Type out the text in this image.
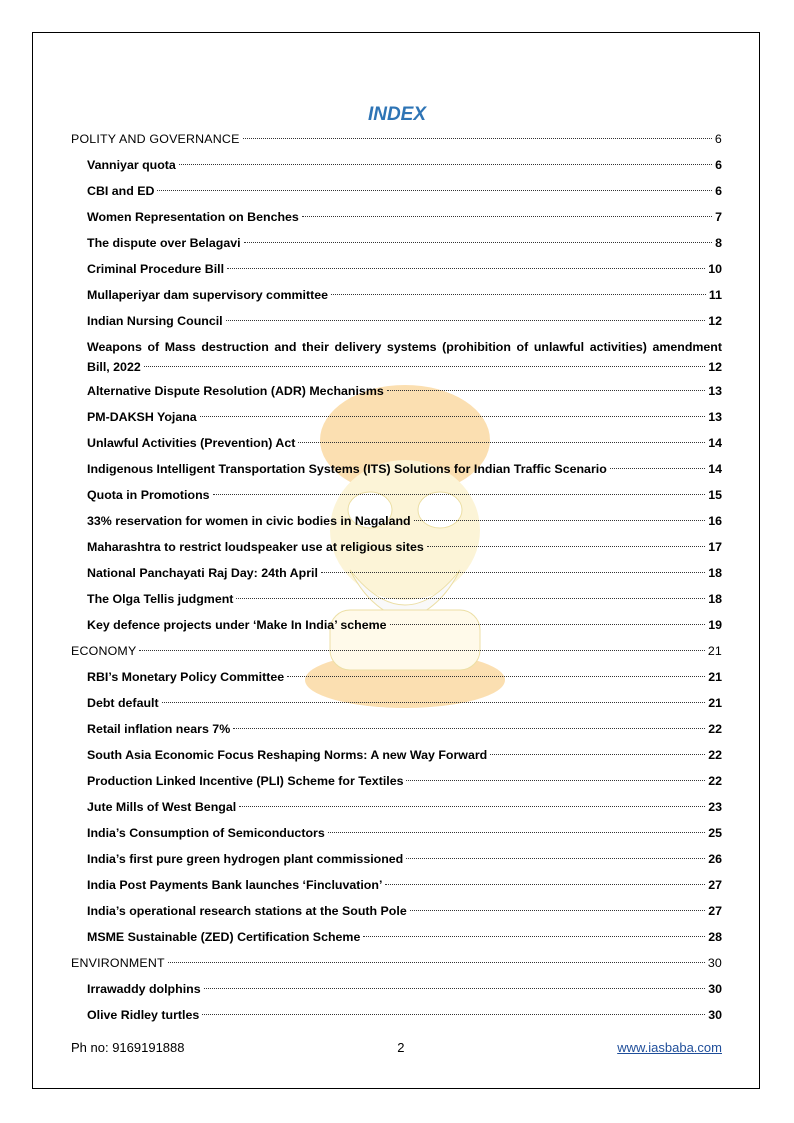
INDEX
POLITY AND GOVERNANCE	6
Vanniyar quota	6
CBI and ED	6
Women Representation on Benches	7
The dispute over Belagavi	8
Criminal Procedure Bill	10
Mullaperiyar dam supervisory committee	11
Indian Nursing Council	12
Weapons of Mass destruction and their delivery systems (prohibition of unlawful activities) amendment
Bill, 2022	12
Alternative Dispute Resolution (ADR) Mechanisms	13
PM-DAKSH Yojana	13
Unlawful Activities (Prevention) Act	14
Indigenous Intelligent Transportation Systems (ITS) Solutions for Indian Traffic Scenario	14
Quota in Promotions	15
33% reservation for women in civic bodies in Nagaland	16
Maharashtra to restrict loudspeaker use at religious sites	17
National Panchayati Raj Day: 24th April	18
The Olga Tellis judgment	18
Key defence projects under ‘Make In India’ scheme	19
ECONOMY	21
RBI’s Monetary Policy Committee	21
Debt default	21
Retail inflation nears 7%	22
South Asia Economic Focus Reshaping Norms: A new Way Forward	22
Production Linked Incentive (PLI) Scheme for Textiles	22
Jute Mills of West Bengal	23
India’s Consumption of Semiconductors	25
India’s first pure green hydrogen plant commissioned	26
India Post Payments Bank launches ‘Fincluvation’	27
India’s operational research stations at the South Pole	27
MSME Sustainable (ZED) Certification Scheme	28
ENVIRONMENT	30
Irrawaddy dolphins	30
Olive Ridley turtles	30
Ph no: 9169191888	2	www.iasbaba.com
